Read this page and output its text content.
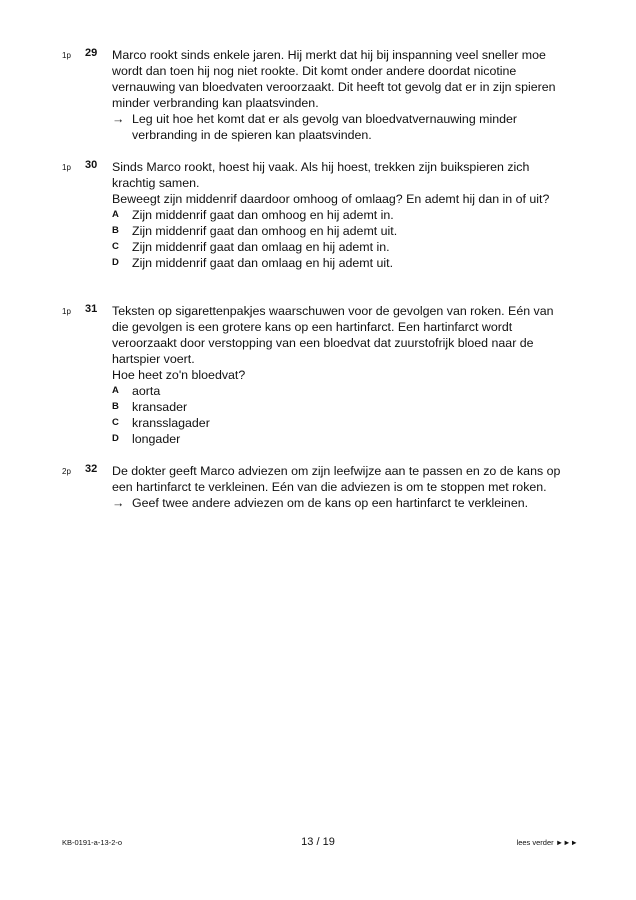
1p 29 Marco rookt sinds enkele jaren. Hij merkt dat hij bij inspanning veel sneller moe wordt dan toen hij nog niet rookte. Dit komt onder andere doordat nicotine vernauwing van bloedvaten veroorzaakt. Dit heeft tot gevolg dat er in zijn spieren minder verbranding kan plaatsvinden.

→ Leg uit hoe het komt dat er als gevolg van bloedvatvernauwing minder verbranding in de spieren kan plaatsvinden.
1p 30 Sinds Marco rookt, hoest hij vaak. Als hij hoest, trekken zijn buikspieren zich krachtig samen.

Beweegt zijn middenrif daardoor omhoog of omlaag? En ademt hij dan in of uit?

A Zijn middenrif gaat dan omhoog en hij ademt in.
B Zijn middenrif gaat dan omhoog en hij ademt uit.
C Zijn middenrif gaat dan omlaag en hij ademt in.
D Zijn middenrif gaat dan omlaag en hij ademt uit.
1p 31 Teksten op sigarettenpakjes waarschuwen voor de gevolgen van roken. Eén van die gevolgen is een grotere kans op een hartinfarct. Een hartinfarct wordt veroorzaakt door verstopping van een bloedvat dat zuurstofrijk bloed naar de hartspier voert.

Hoe heet zo'n bloedvat?

A aorta
B kransader
C kransslagader
D longader
2p 32 De dokter geeft Marco adviezen om zijn leefwijze aan te passen en zo de kans op een hartinfarct te verkleinen. Eén van die adviezen is om te stoppen met roken.

→ Geef twee andere adviezen om de kans op een hartinfarct te verkleinen.
KB-0191-a-13-2-o	13 / 19	lees verder ►►►
